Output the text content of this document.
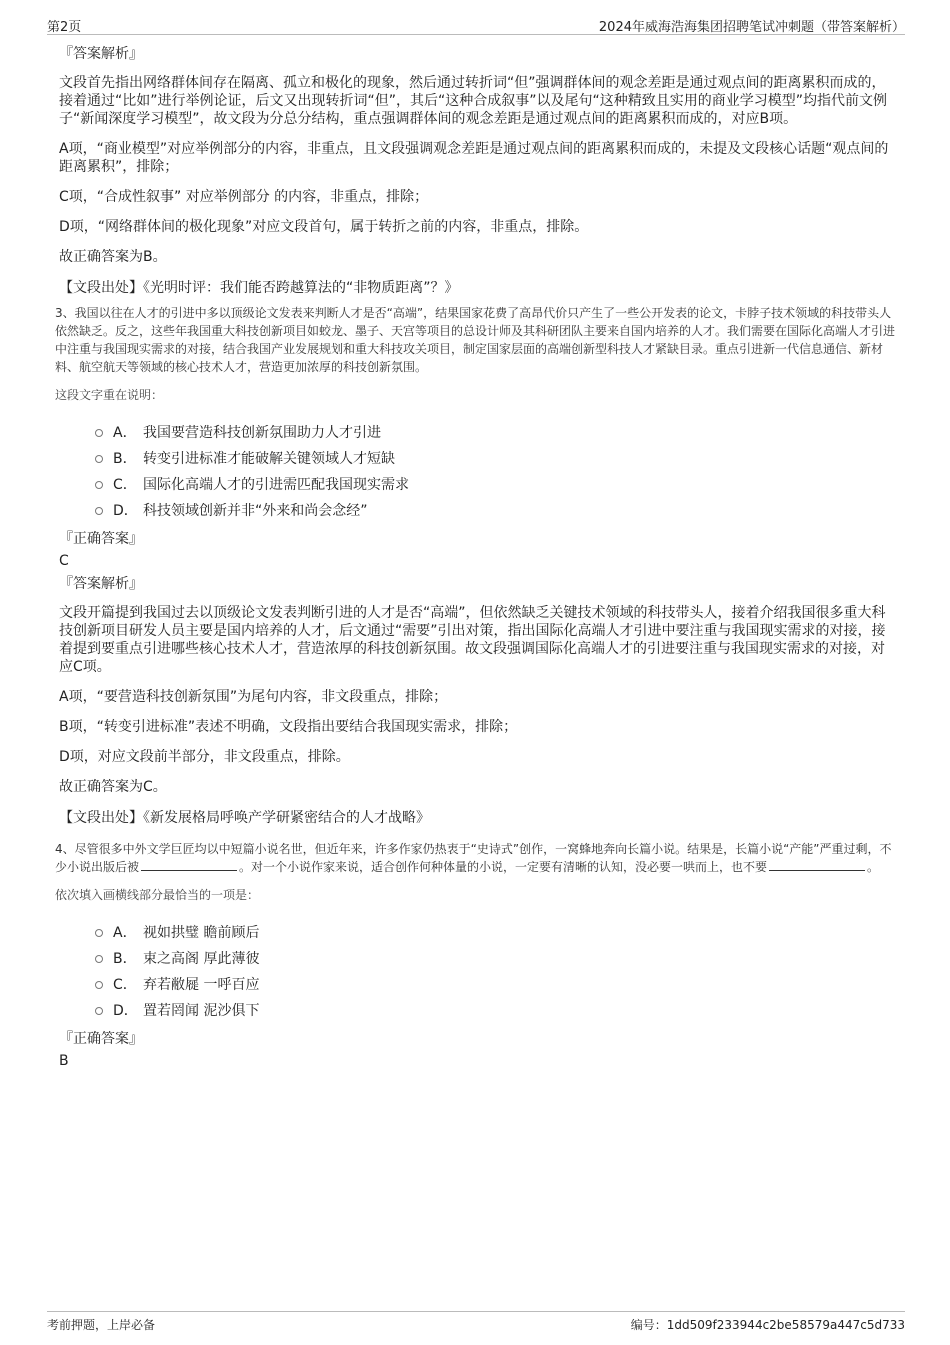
第2页	2024年威海浩海集团招聘笔试冲刺题（带答案解析）
『答案解析』

文段首先指出网络群体间存在隔离、孤立和极化的现象，然后通过转折词“但”强调群体间的观念差距是通过观点间的距离累积而成的，接着通过“比如”进行举例论证，后文又出现转折词“但”，其后“这种合成叙事”以及尾句“这种精致且实用的商业学习模型”均指代前文例子“新闻深度学习模型”，故文段为分总分结构，重点强调群体间的观念差距是通过观点间的距离累积而成的，对应B项。

A项，“商业模型”对应举例部分的内容，非重点，且文段强调观念差距是通过观点间的距离累积而成的，未提及文段核心话题“观点间的距离累积”，排除；

C项，“合成性叙事” 对应举例部分 的内容，非重点，排除；

D项，“网络群体间的极化现象”对应文段首句，属于转折之前的内容，非重点，排除。

故正确答案为B。

【文段出处】《光明时评：我们能否跨越算法的“非物质距离”？》

3、我国以往在人才的引进中多以顶级论文发表来判断人才是否“高端”，结果国家花费了高昂代价只产生了一些公开发表的论文，卡脖子技术领域的科技带头人依然缺乏。反之，这些年我国重大科技创新项目如蛟龙、墨子、天宫等项目的总设计师及其科研团队主要来自国内培养的人才。我们需要在国际化高端人才引进中注重与我国现实需求的对接，结合我国产业发展规划和重大科技攻关项目，制定国家层面的高端创新型科技人才紧缺目录。重点引进新一代信息通信、新材料、航空航天等领域的核心技术人才，营造更加浓厚的科技创新氛围。

这段文字重在说明：

A． 我国要营造科技创新氛围助力人才引进
B． 转变引进标准才能破解关键领域人才短缺
C． 国际化高端人才的引进需匹配我国现实需求
D． 科技领域创新并非“外来和尚会念经”
『正确答案』
C
『答案解析』

文段开篇提到我国过去以顶级论文发表判断引进的人才是否“高端”，但依然缺乏关键技术领域的科技带头人，接着介绍我国很多重大科技创新项目研发人员主要是国内培养的人才，后文通过“需要”引出对策，指出国际化高端人才引进中要注重与我国现实需求的对接，接着提到要重点引进哪些核心技术人才，营造浓厚的科技创新氛围。故文段强调国际化高端人才的引进要注重与我国现实需求的对接，对应C项。

A项，“要营造科技创新氛围”为尾句内容，非文段重点，排除；

B项，“转变引进标准”表述不明确，文段指出要结合我国现实需求，排除；

D项，对应文段前半部分，非文段重点，排除。

故正确答案为C。

【文段出处】《新发展格局呼唤产学研紧密结合的人才战略》

4、尽管很多中外文学巨匠均以中短篇小说名世，但近年来，许多作家仍热衷于“史诗式”创作，一窝蜂地奔向长篇小说。结果是，长篇小说“产能”严重过剩，不少小说出版后被	。对一个小说作家来说，适合创作何种体量的小说，一定要有清晰的认知，没必要一哄而上，也不要	。

依次填入画横线部分最恰当的一项是：

A． 视如拱璧 瞻前顾后
B． 束之高阁 厚此薄彼
C． 弃若敝屣 一呼百应
D． 置若罔闻 泥沙俱下
『正确答案』
B
考前押题，上岸必备	编号：1dd509f233944c2be58579a447c5d733
